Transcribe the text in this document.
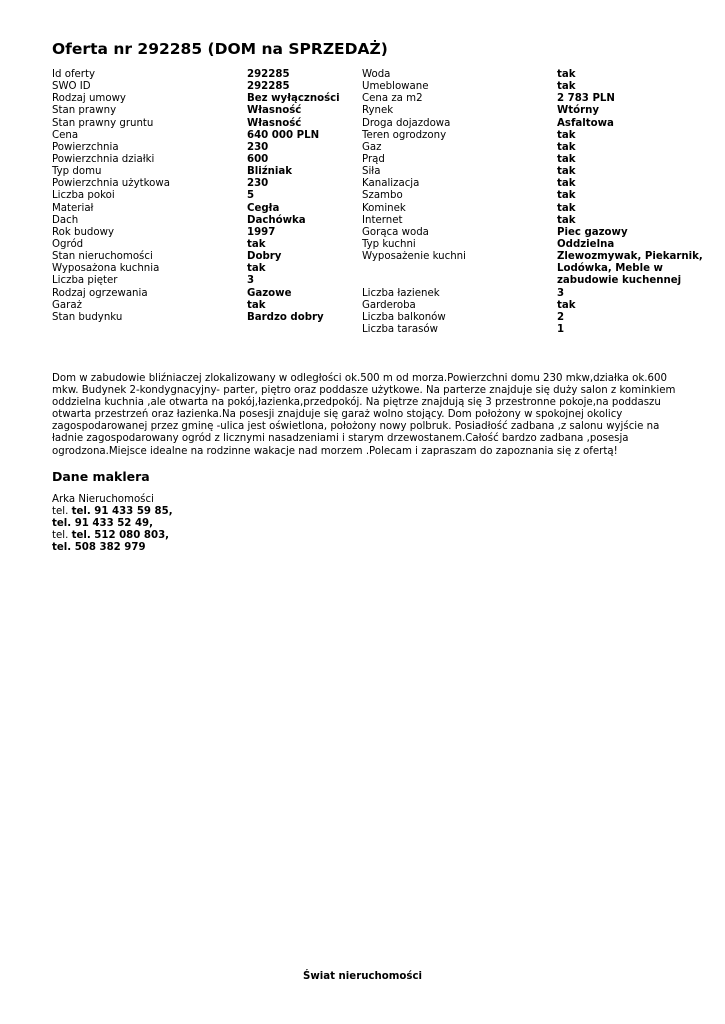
Oferta nr 292285 (DOM na SPRZEDAŻ)
Id oferty
SWO ID
Rodzaj umowy
Stan prawny
Stan prawny gruntu
Cena
Powierzchnia
Powierzchnia działki
Typ domu
Powierzchnia użytkowa
Liczba pokoi
Materiał
Dach
Rok budowy
Ogród
Stan nieruchomości
Wyposażona kuchnia
Liczba pięter
Rodzaj ogrzewania
Garaż
Stan budynku
292285
292285
Bez wyłączności
Własność
Własność
640 000 PLN
230
600
Bliźniak
230
5
Cegła
Dachówka
1997
tak
Dobry
tak
3
Gazowe
tak
Bardzo dobry
Woda
Umeblowane
Cena za m2
Rynek
Droga dojazdowa
Teren ogrodzony
Gaz
Prąd
Siła
Kanalizacja
Szambo
Kominek
Internet
Gorąca woda
Typ kuchni
Wyposażenie kuchni
Liczba łazienek
Garderoba
Liczba balkonów
Liczba tarasów
tak
tak
2 783 PLN
Wtórny
Asfaltowa
tak
tak
tak
tak
tak
tak
tak
tak
Piec gazowy
Oddzielna
Zlewozmywak, Piekarnik, Lodówka, Meble w zabudowie kuchennej
3
tak
2
1

Dom w zabudowie bliźniaczej zlokalizowany w odległości ok.500 m od morza.Powierzchni domu 230 mkw,działka ok.600 mkw. Budynek 2-kondygnacyjny- parter, piętro oraz poddasze użytkowe. Na parterze znajduje się duży salon z kominkiem oddzielna kuchnia ,ale otwarta na pokój,łazienka,przedpokój. Na piętrze znajdują się 3 przestronne pokoje,na poddaszu otwarta przestrzeń oraz łazienka.Na posesji znajduje się garaż wolno stojący. Dom położony w spokojnej okolicy zagospodarowanej przez gminę -ulica jest oświetlona, położony nowy polbruk. Posiadłość zadbana ,z salonu wyjście na ładnie zagospodarowany ogród z licznymi nasadzeniami i starym drzewostanem.Całość bardzo zadbana ,posesja ogrodzona.Miejsce idealne na rodzinne wakacje nad morzem .Polecam i zapraszam do zapoznania się z ofertą!

Dane maklera
Arka Nieruchomości
tel. tel. 91 433 59 85,
tel. 91 433 52 49,
tel. tel. 512 080 803,
tel. 508 382 979
Świat nieruchomości
